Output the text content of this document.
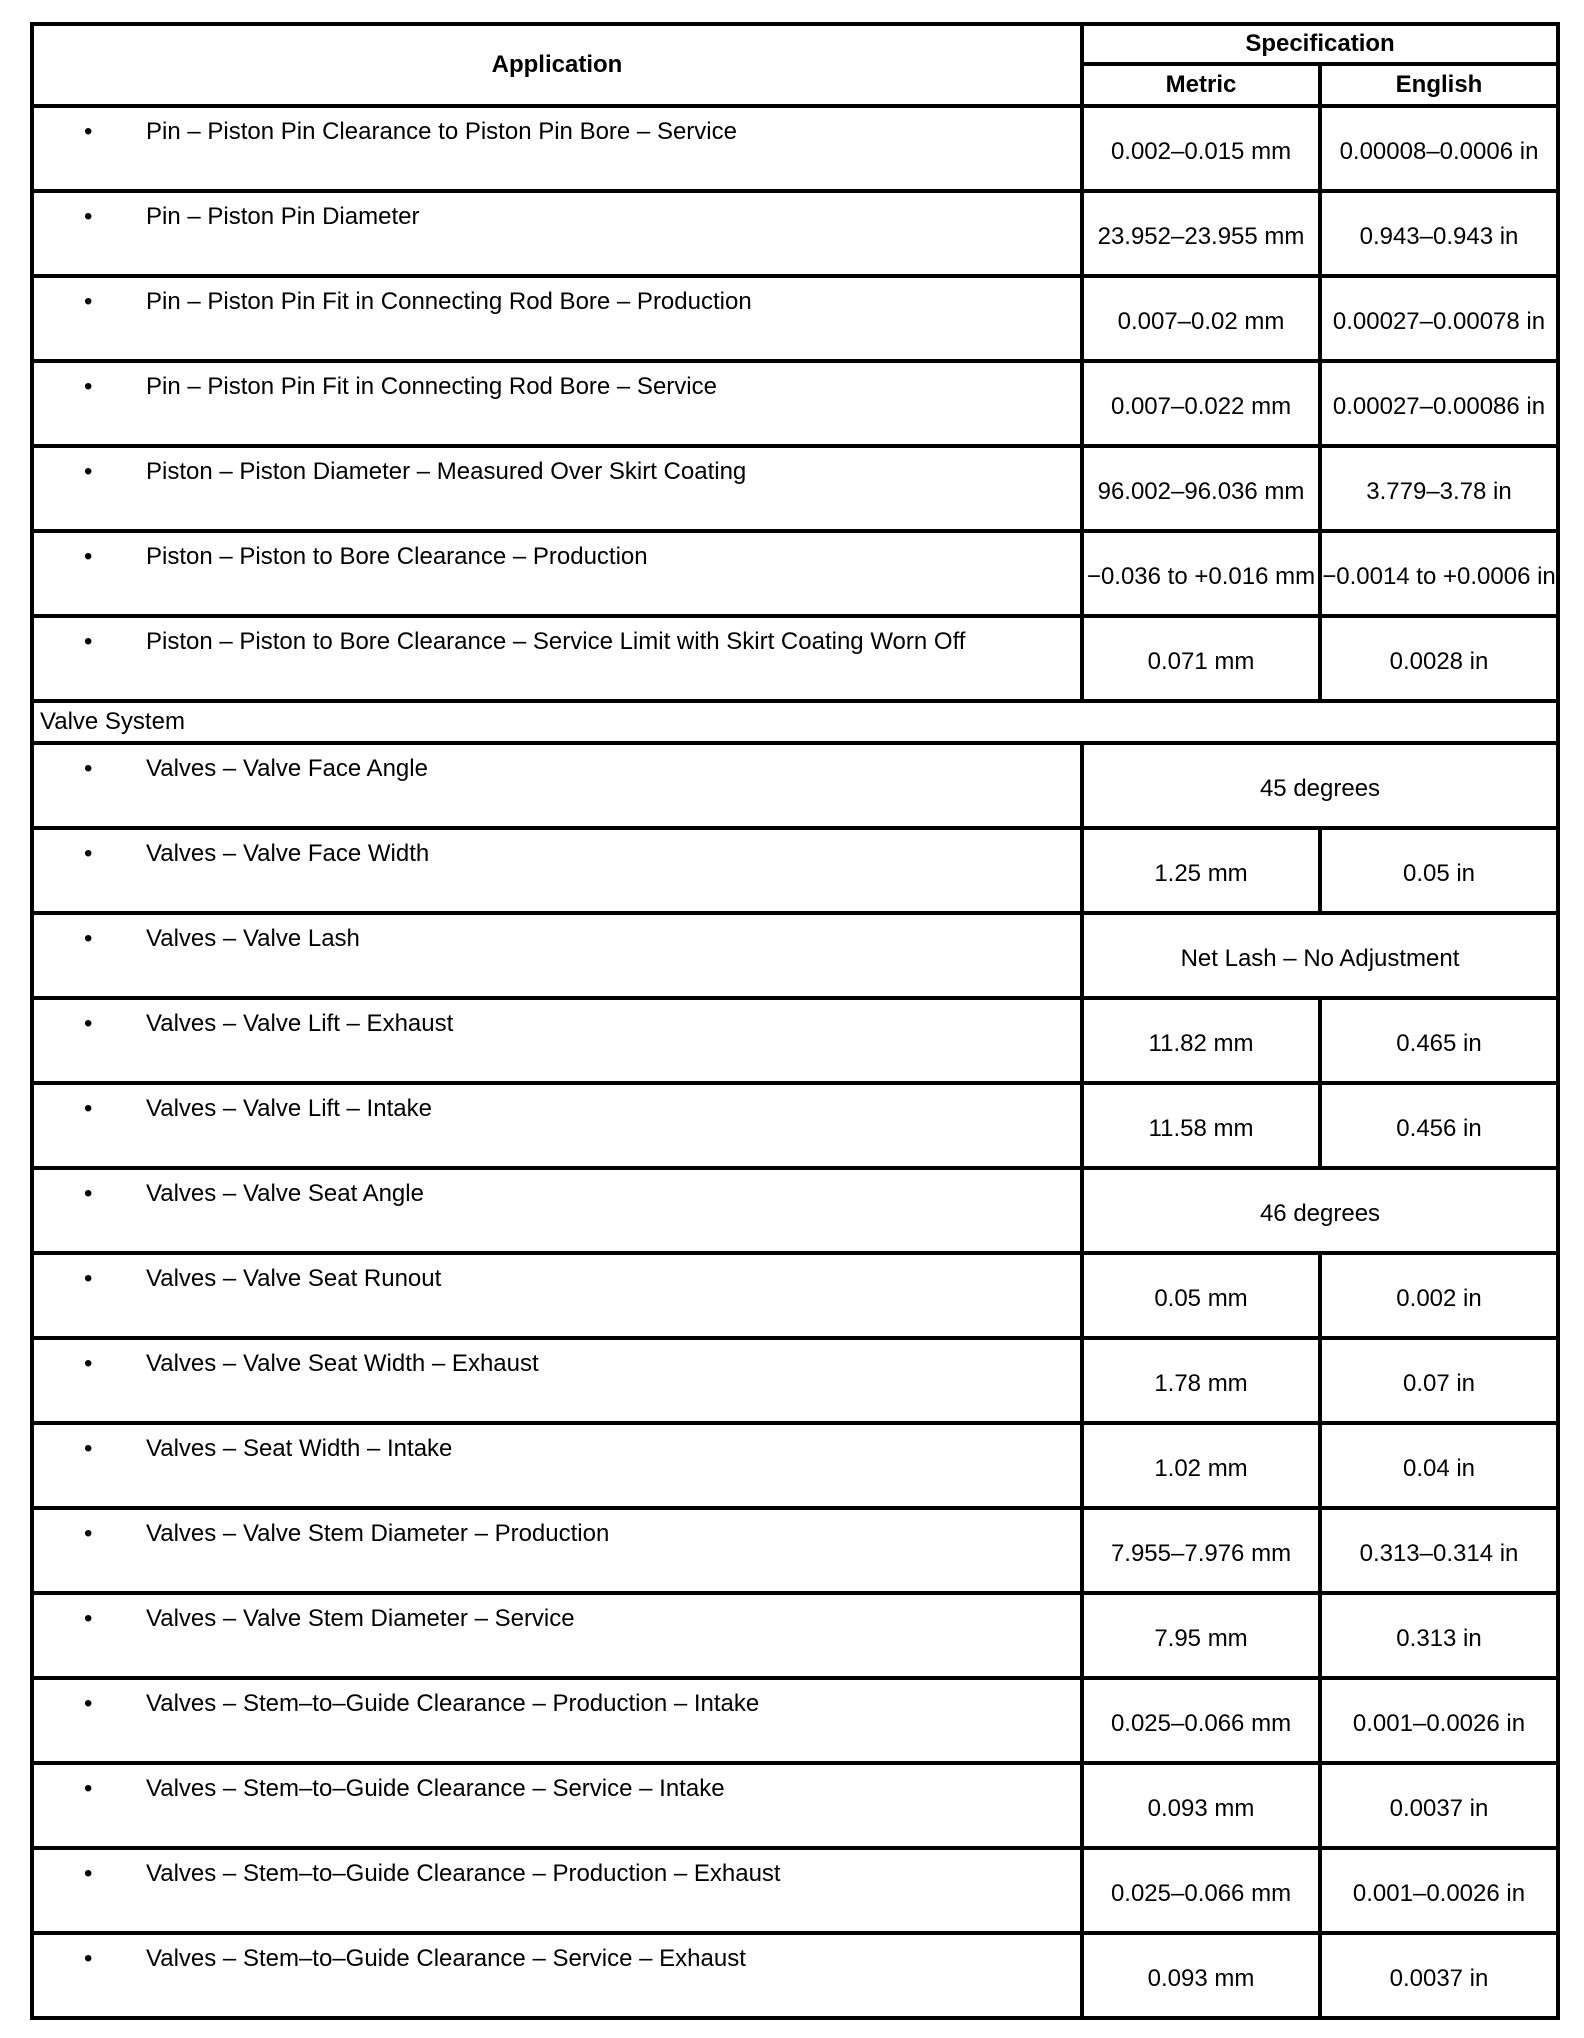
Application	Specification	
	Metric	English
• Pin – Piston Pin Clearance to Piston Pin Bore – Service	0.002–0.015 mm	0.00008–0.0006 in
• Pin – Piston Pin Diameter	23.952–23.955 mm	0.943–0.943 in
• Pin – Piston Pin Fit in Connecting Rod Bore – Production	0.007–0.02 mm	0.00027–0.00078 in
• Pin – Piston Pin Fit in Connecting Rod Bore – Service	0.007–0.022 mm	0.00027–0.00086 in
• Piston – Piston Diameter – Measured Over Skirt Coating	96.002–96.036 mm	3.779–3.78 in
• Piston – Piston to Bore Clearance – Production	−0.036 to +0.016 mm	−0.0014 to +0.0006 in
• Piston – Piston to Bore Clearance – Service Limit with Skirt Coating Worn Off	0.071 mm	0.0028 in
Valve System		
• Valves – Valve Face Angle	45 degrees	
• Valves – Valve Face Width	1.25 mm	0.05 in
• Valves – Valve Lash	Net Lash – No Adjustment	
• Valves – Valve Lift – Exhaust	11.82 mm	0.465 in
• Valves – Valve Lift – Intake	11.58 mm	0.456 in
• Valves – Valve Seat Angle	46 degrees	
• Valves – Valve Seat Runout	0.05 mm	0.002 in
• Valves – Valve Seat Width – Exhaust	1.78 mm	0.07 in
• Valves – Seat Width – Intake	1.02 mm	0.04 in
• Valves – Valve Stem Diameter – Production	7.955–7.976 mm	0.313–0.314 in
• Valves – Valve Stem Diameter – Service	7.95 mm	0.313 in
• Valves – Stem–to–Guide Clearance – Production – Intake	0.025–0.066 mm	0.001–0.0026 in
• Valves – Stem–to–Guide Clearance – Service – Intake	0.093 mm	0.0037 in
• Valves – Stem–to–Guide Clearance – Production – Exhaust	0.025–0.066 mm	0.001–0.0026 in
• Valves – Stem–to–Guide Clearance – Service – Exhaust	0.093 mm	0.0037 in
